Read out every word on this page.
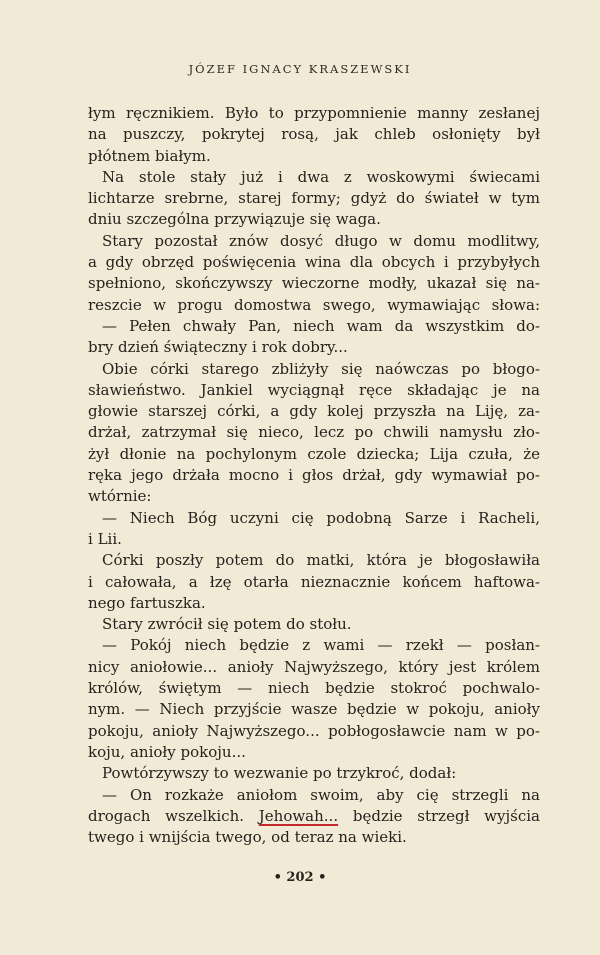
JÓZEF IGNACY KRASZEWSKI
łym ręcznikiem. Było to przypomnienie manny zesłanej
na puszczy, pokrytej rosą, jak chleb osłonięty był
płótnem białym.
Na stole stały już i dwa z woskowymi świecami
lichtarze srebrne, starej formy; gdyż do świateł w tym
dniu szczególna przywiązuje się waga.
Stary pozostał znów dosyć długo w domu modlitwy,
a gdy obrzęd poświęcenia wina dla obcych i przybyłych
spełniono, skończywszy wieczorne modły, ukazał się na-
reszcie w progu domostwa swego, wymawiając słowa:
— Pełen chwały Pan, niech wam da wszystkim do-
bry dzień świąteczny i rok dobry...
Obie córki starego zbliżyły się naówczas po błogo-
sławieństwo. Jankiel wyciągnął ręce składając je na
głowie starszej córki, a gdy kolej przyszła na Liję, za-
drżał, zatrzymał się nieco, lecz po chwili namysłu zło-
żył dłonie na pochylonym czole dziecka; Lija czuła, że
ręka jego drżała mocno i głos drżał, gdy wymawiał po-
wtórnie:
— Niech Bóg uczyni cię podobną Sarze i Racheli,
i Lii.
Córki poszły potem do matki, która je błogosławiła
i całowała, a łzę otarła nieznacznie końcem haftowa-
nego fartuszka.
Stary zwrócił się potem do stołu.
— Pokój niech będzie z wami — rzekł — posłan-
nicy aniołowie... anioły Najwyższego, który jest królem
królów, świętym — niech będzie stokroć pochwalo-
nym. — Niech przyjście wasze będzie w pokoju, anioły
pokoju, anioły Najwyższego... pobłogosławcie nam w po-
koju, anioły pokoju...
Powtórzywszy to wezwanie po trzykroć, dodał:
— On rozkaże aniołom swoim, aby cię strzegli na
drogach wszelkich. Jehowah... będzie strzegł wyjścia
twego i wnijścia twego, od teraz na wieki.
• 202 •
